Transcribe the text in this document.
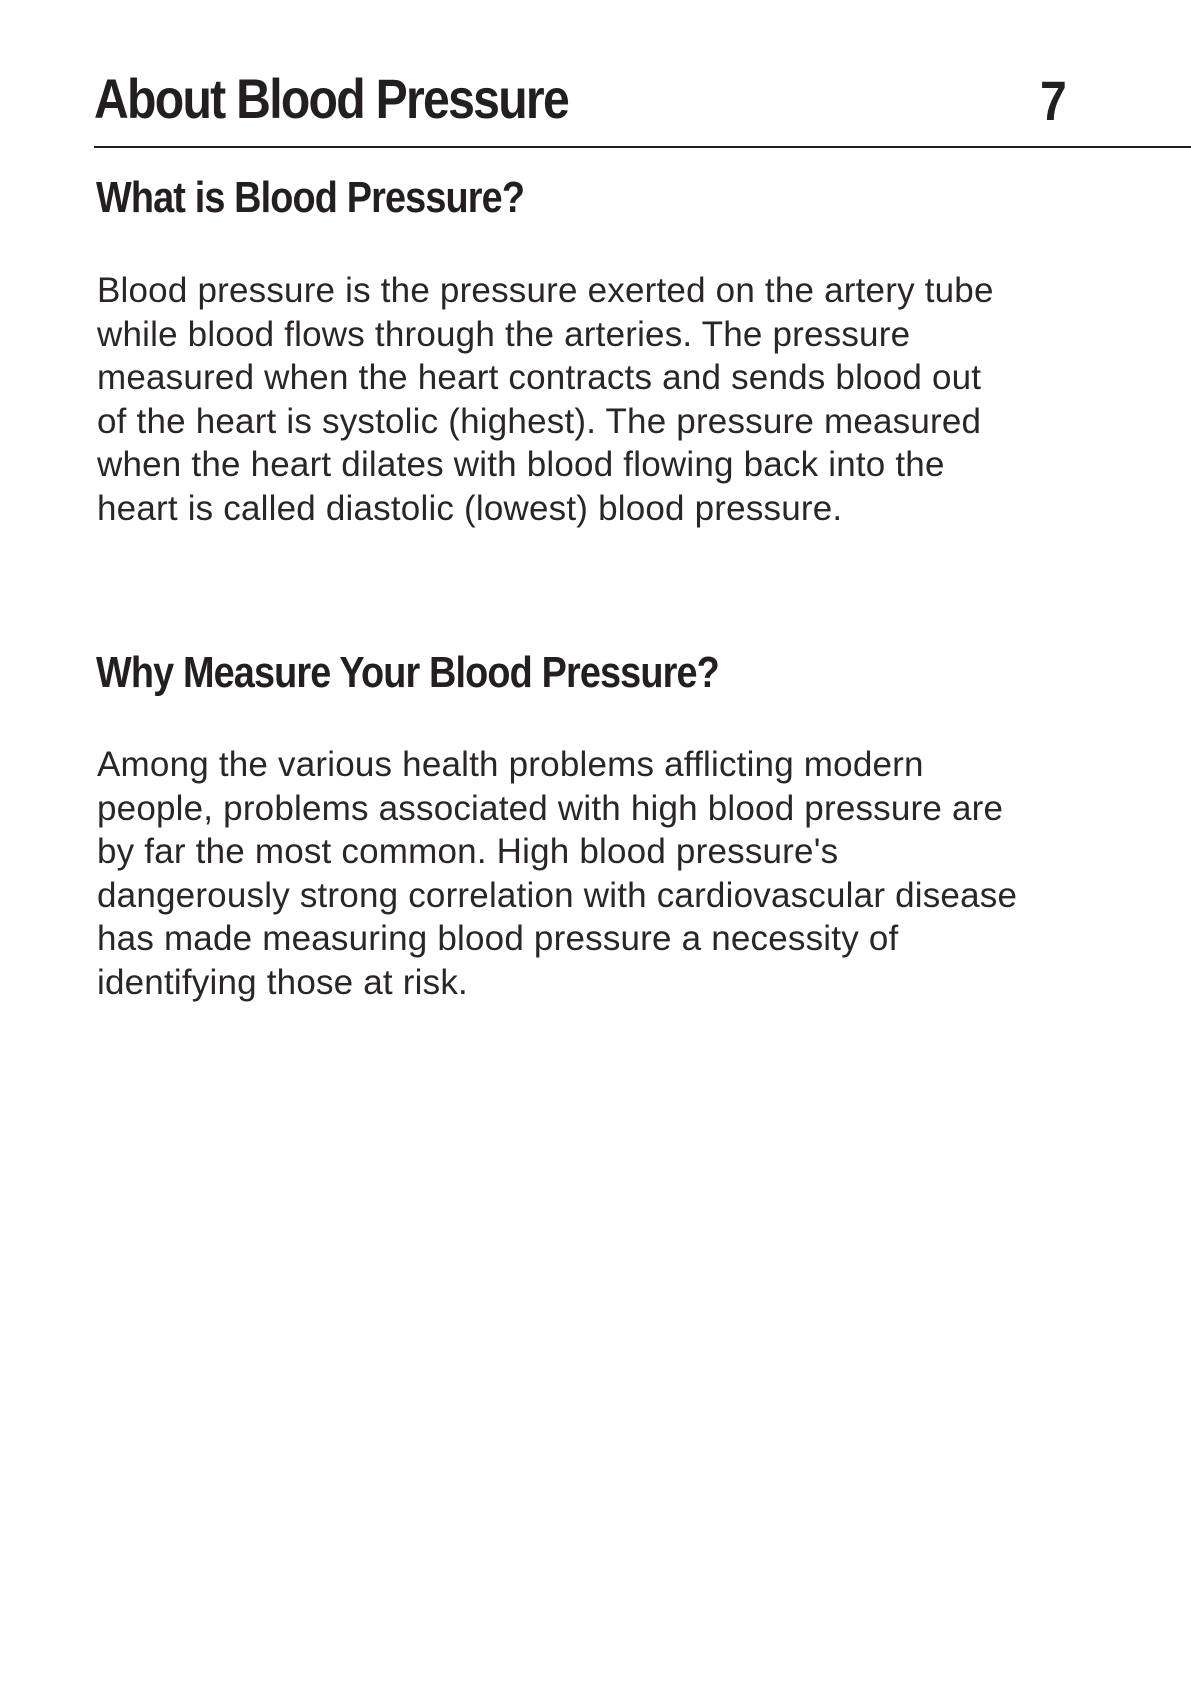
About Blood Pressure	7
What is Blood Pressure?

Blood pressure is the pressure exerted on the artery tube
while blood flows through the arteries. The pressure
measured when the heart contracts and sends blood out
of the heart is systolic (highest). The pressure measured
when the heart dilates with blood flowing back into the
heart is called diastolic (lowest) blood pressure.

Why Measure Your Blood Pressure?

Among the various health problems afflicting modern
people, problems associated with high blood pressure are
by far the most common. High blood pressure's
dangerously strong correlation with cardiovascular disease
has made measuring blood pressure a necessity of
identifying those at risk.
